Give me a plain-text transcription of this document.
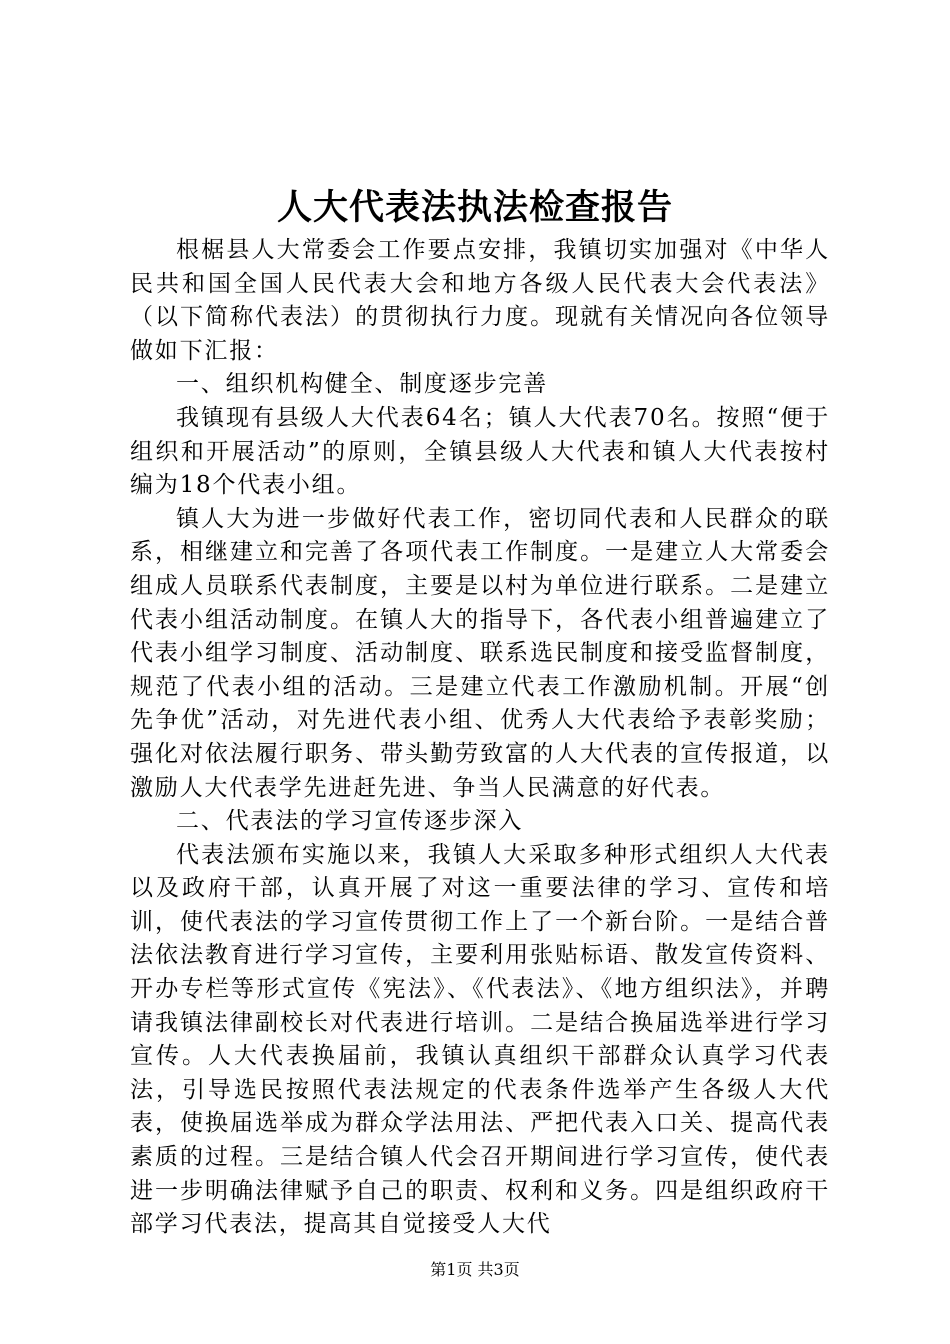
人大代表法执法检查报告

根椐县人大常委会工作要点安排，我镇切实加强对《中华人民共和国全国人民代表大会和地方各级人民代表大会代表法》（以下简称代表法）的贯彻执行力度。现就有关情况向各位领导做如下汇报：

一、组织机构健全、制度逐步完善

我镇现有县级人大代表64名；镇人大代表70名。按照“便于组织和开展活动”的原则，全镇县级人大代表和镇人大代表按村编为18个代表小组。

镇人大为进一步做好代表工作，密切同代表和人民群众的联系，相继建立和完善了各项代表工作制度。一是建立人大常委会组成人员联系代表制度，主要是以村为单位进行联系。二是建立代表小组活动制度。在镇人大的指导下，各代表小组普遍建立了代表小组学习制度、活动制度、联系选民制度和接受监督制度，规范了代表小组的活动。三是建立代表工作激励机制。开展“创先争优”活动，对先进代表小组、优秀人大代表给予表彰奖励；强化对依法履行职务、带头勤劳致富的人大代表的宣传报道，以激励人大代表学先进赶先进、争当人民满意的好代表。

二、代表法的学习宣传逐步深入

代表法颁布实施以来，我镇人大采取多种形式组织人大代表以及政府干部，认真开展了对这一重要法律的学习、宣传和培训，使代表法的学习宣传贯彻工作上了一个新台阶。一是结合普法依法教育进行学习宣传，主要利用张贴标语、散发宣传资料、开办专栏等形式宣传《宪法》、《代表法》、《地方组织法》，并聘请我镇法律副校长对代表进行培训。二是结合换届选举进行学习宣传。人大代表换届前，我镇认真组织干部群众认真学习代表法，引导选民按照代表法规定的代表条件选举产生各级人大代表，使换届选举成为群众学法用法、严把代表入口关、提高代表素质的过程。三是结合镇人代会召开期间进行学习宣传，使代表进一步明确法律赋予自己的职责、权利和义务。四是组织政府干部学习代表法，提高其自觉接受人大代

第1页 共3页
